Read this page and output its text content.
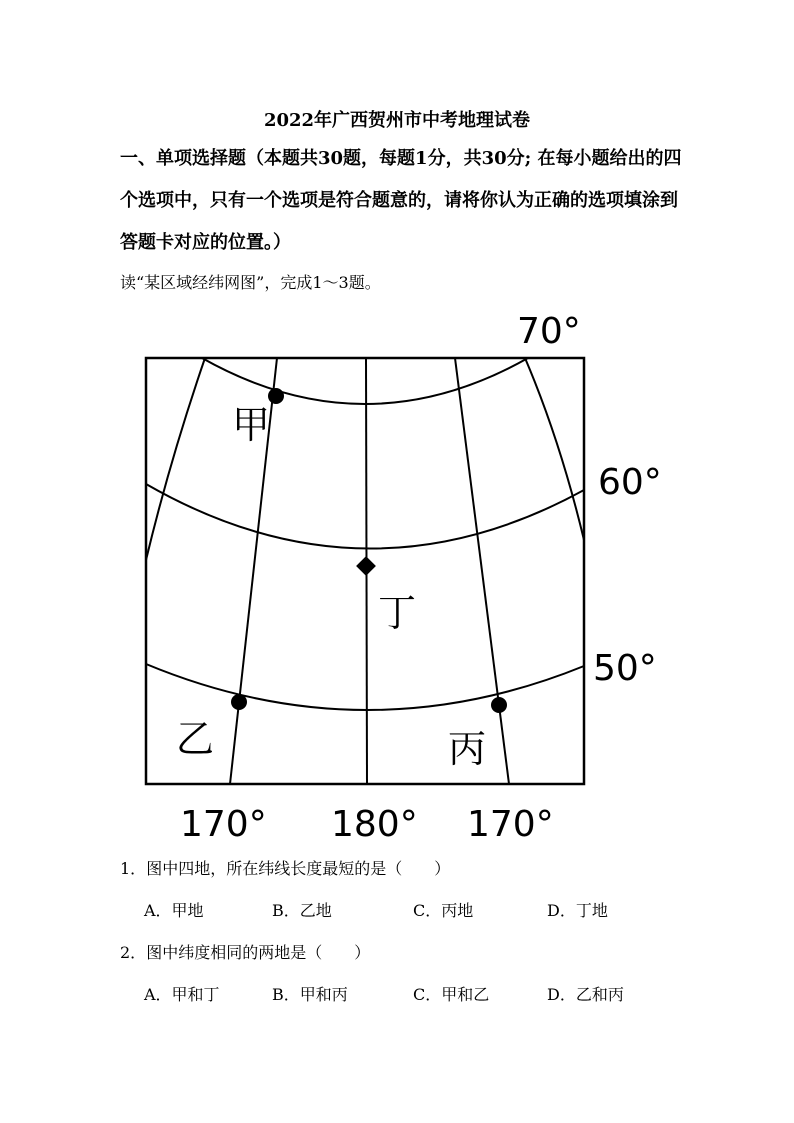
2022年广西贺州市中考地理试卷
一、单项选择题（本题共30题，每题1分，共30分; 在每小题给出的四个选项中，只有一个选项是符合题意的，请将你认为正确的选项填涂到答题卡对应的位置。）
读“某区域经纬网图”，完成1～3题。
甲
乙	丙
丁
70°
60°
50°
170° 180° 170°
1．图中四地，所在纬线长度最短的是（　　）
A．甲地	B．乙地	C．丙地	D．丁地
2．图中纬度相同的两地是（　　）
A．甲和丁	B．甲和丙	C．甲和乙	D．乙和丙
